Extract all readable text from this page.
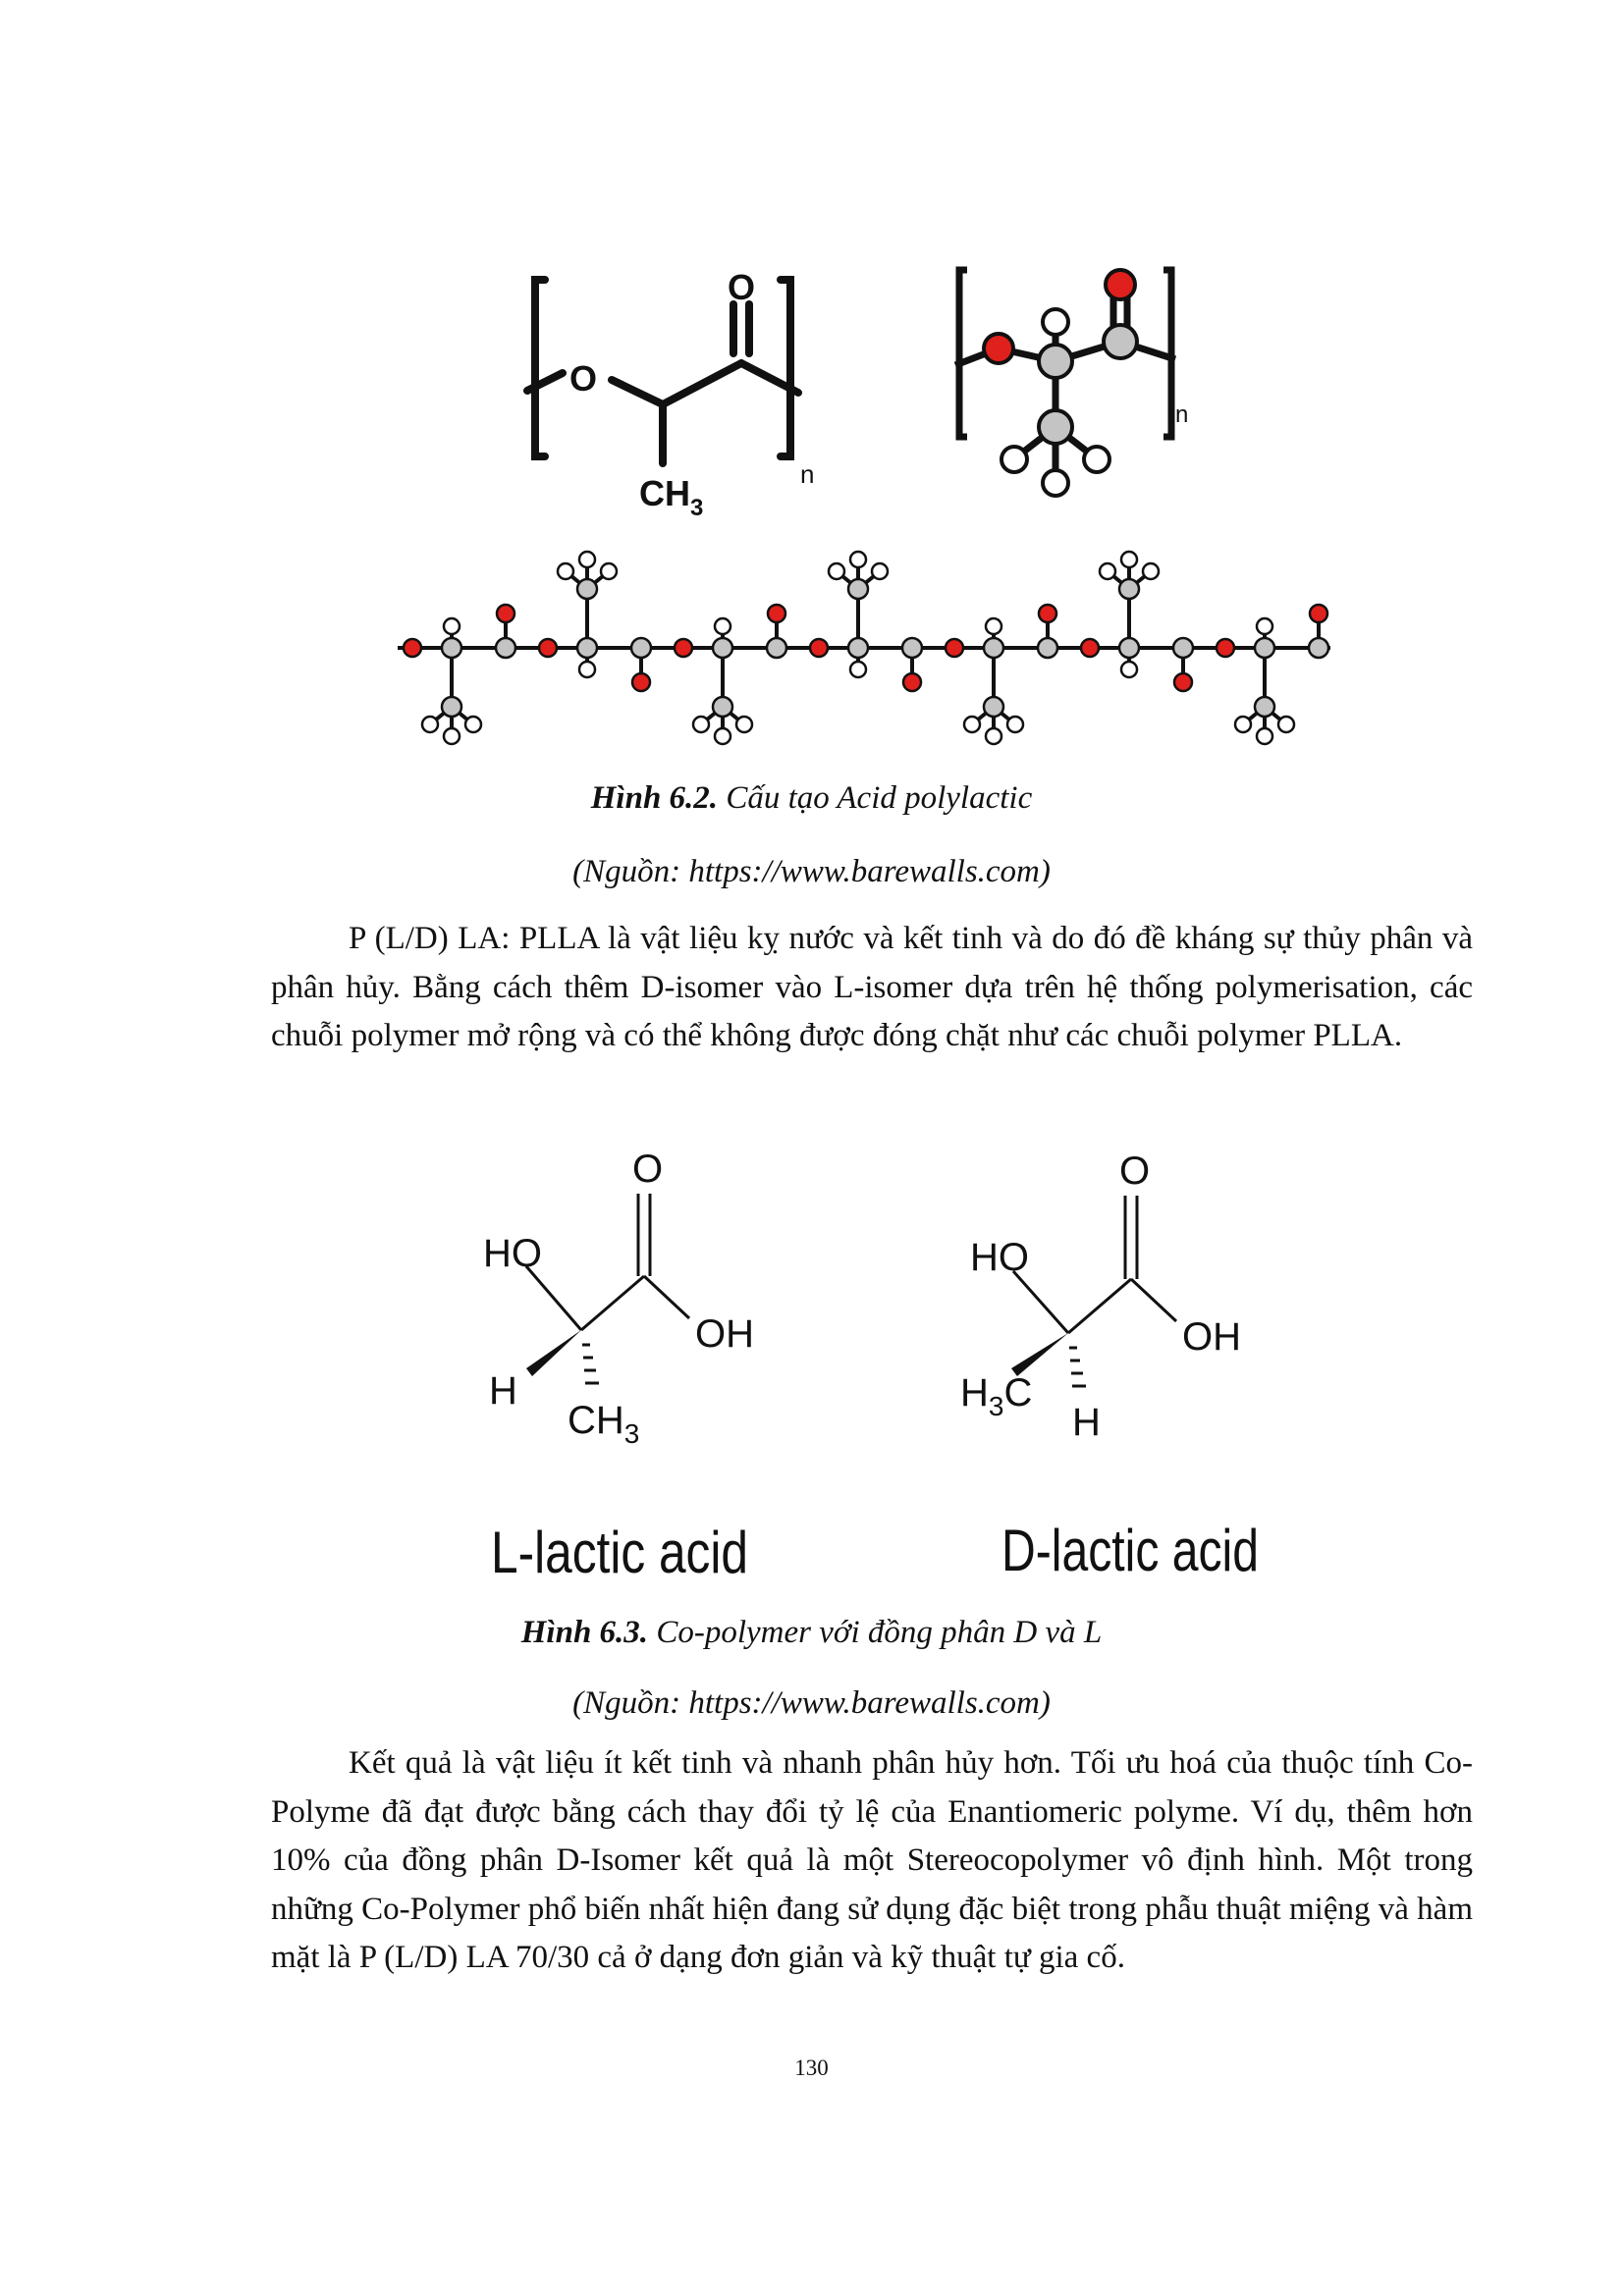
O
O
$CH_3$
n
n
Hình 6.2. Cấu tạo Acid polylactic
(Nguồn: https://www.barewalls.com)
P (L/D) LA: PLLA là vật liệu kỵ nước và kết tinh và do đó đề kháng sự thủy phân và phân hủy. Bằng cách thêm D-isomer vào L-isomer dựa trên hệ thống polymerisation, các chuỗi polymer mở rộng và có thể không được đóng chặt như các chuỗi polymer PLLA.
O
HO
OH
H
$CH_3$
L-lactic acid
O
HO
OH
$H_3C$
H
D-lactic acid
Hình 6.3. Co-polymer với đồng phân D và L
(Nguồn: https://www.barewalls.com)
Kết quả là vật liệu ít kết tinh và nhanh phân hủy hơn. Tối ưu hoá của thuộc tính Co-Polyme đã đạt được bằng cách thay đổi tỷ lệ của Enantiomeric polyme. Ví dụ, thêm hơn 10% của đồng phân D-Isomer kết quả là một Stereocopolymer vô định hình. Một trong những Co-Polymer phổ biến nhất hiện đang sử dụng đặc biệt trong phẫu thuật miệng và hàm mặt là P (L/D) LA 70/30 cả ở dạng đơn giản và kỹ thuật tự gia cố.
130
